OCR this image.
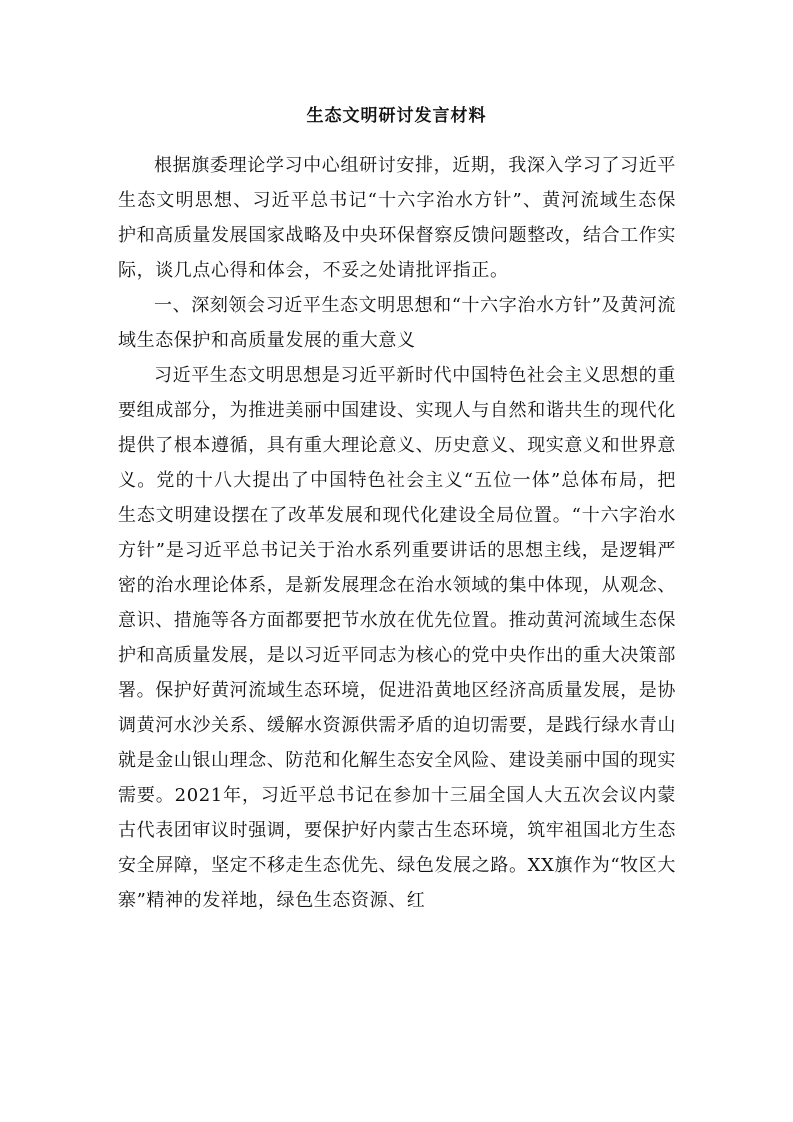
生态文明研讨发言材料

根据旗委理论学习中心组研讨安排，近期，我深入学习了习近平生态文明思想、习近平总书记“十六字治水方针”、黄河流域生态保护和高质量发展国家战略及中央环保督察反馈问题整改，结合工作实际，谈几点心得和体会，不妥之处请批评指正。

一、深刻领会习近平生态文明思想和“十六字治水方针”及黄河流域生态保护和高质量发展的重大意义

习近平生态文明思想是习近平新时代中国特色社会主义思想的重要组成部分，为推进美丽中国建设、实现人与自然和谐共生的现代化提供了根本遵循，具有重大理论意义、历史意义、现实意义和世界意义。党的十八大提出了中国特色社会主义“五位一体”总体布局，把生态文明建设摆在了改革发展和现代化建设全局位置。“十六字治水方针”是习近平总书记关于治水系列重要讲话的思想主线，是逻辑严密的治水理论体系，是新发展理念在治水领域的集中体现，从观念、意识、措施等各方面都要把节水放在优先位置。推动黄河流域生态保护和高质量发展，是以习近平同志为核心的党中央作出的重大决策部署。保护好黄河流域生态环境，促进沿黄地区经济高质量发展，是协调黄河水沙关系、缓解水资源供需矛盾的迫切需要，是践行绿水青山就是金山银山理念、防范和化解生态安全风险、建设美丽中国的现实需要。2021年，习近平总书记在参加十三届全国人大五次会议内蒙古代表团审议时强调，要保护好内蒙古生态环境，筑牢祖国北方生态安全屏障，坚定不移走生态优先、绿色发展之路。XX旗作为“牧区大寨”精神的发祥地，绿色生态资源、红
